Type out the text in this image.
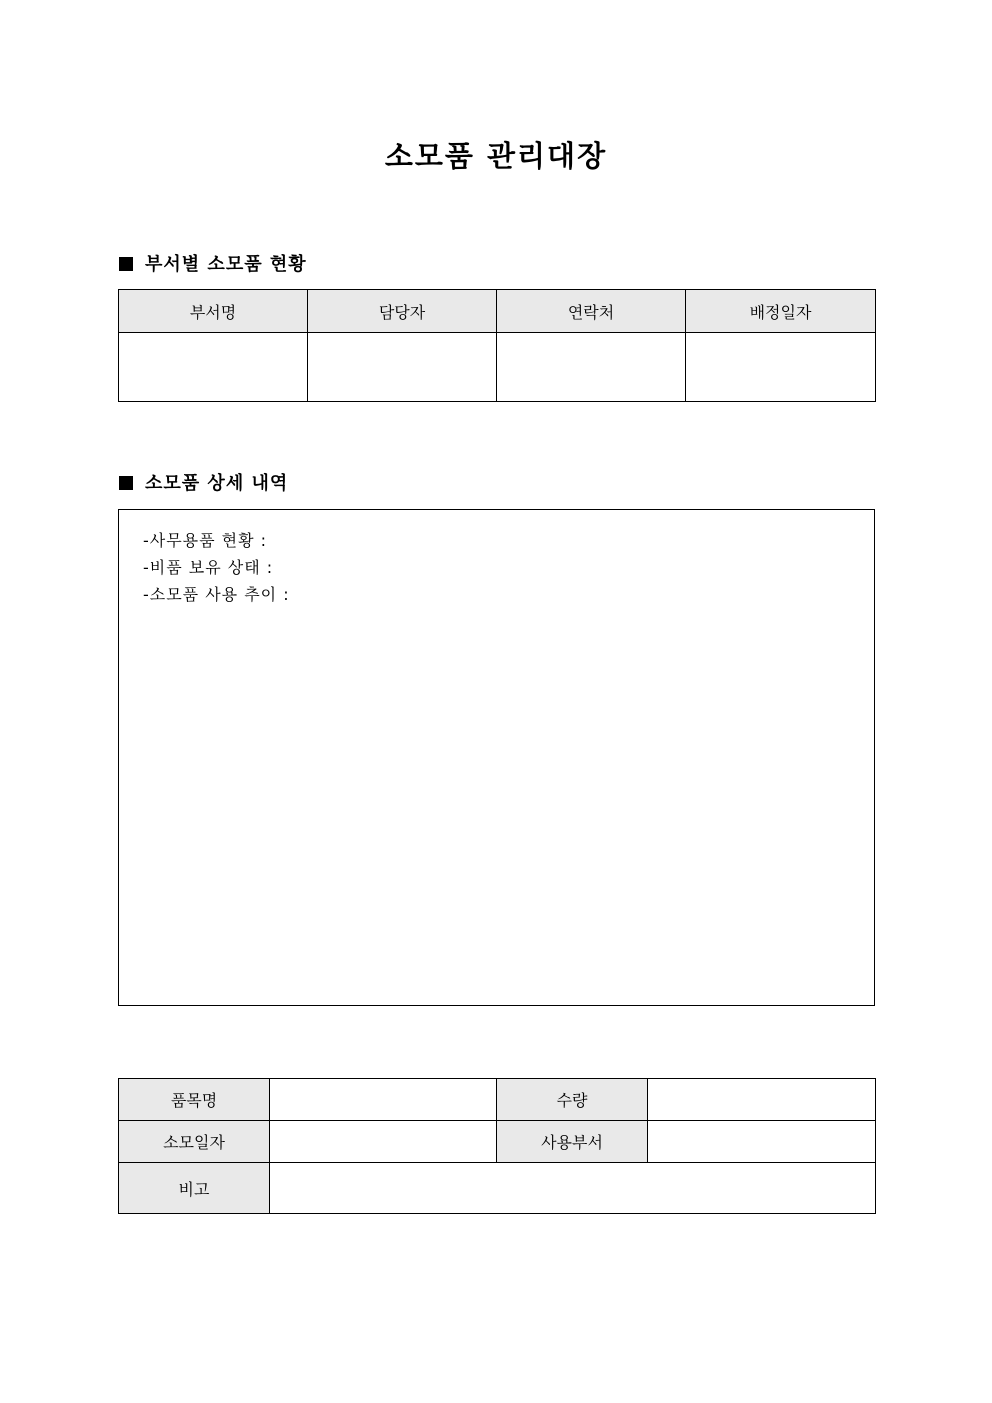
소모품 관리대장
부서별 소모품 현황
부서명	담당자	연락처	배정일자

소모품 상세 내역
-사무용품 현황 :
-비품 보유 상태 :
-소모품 사용 추이 :
품목명		수량	
소모일자		사용부서	
비고			
